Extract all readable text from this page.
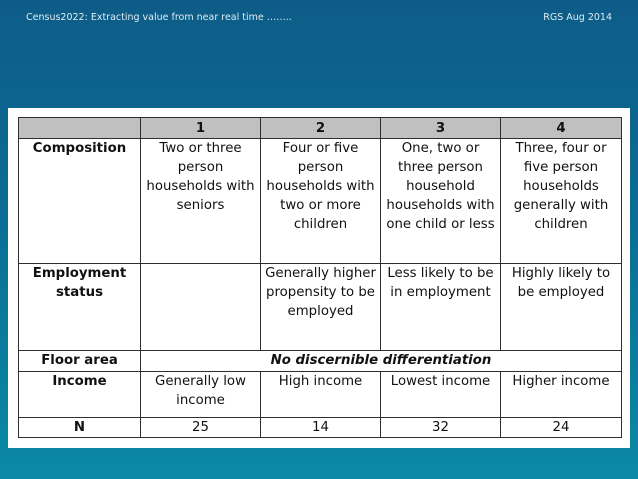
Census2022: Extracting value from near real time ……..	RGS Aug 2014
	1	2	3	4
Composition	Two or three person households with seniors	Four or five person households with two or more children	One, two or three person household households with one child or less	Three, four or five person households generally with children
Employment status		Generally higher propensity to be employed	Less likely to be in employment	Highly likely to be employed
Floor area	No discernible differentiation			
Income	Generally low income	High income	Lowest income	Higher income
N	25	14	32	24
